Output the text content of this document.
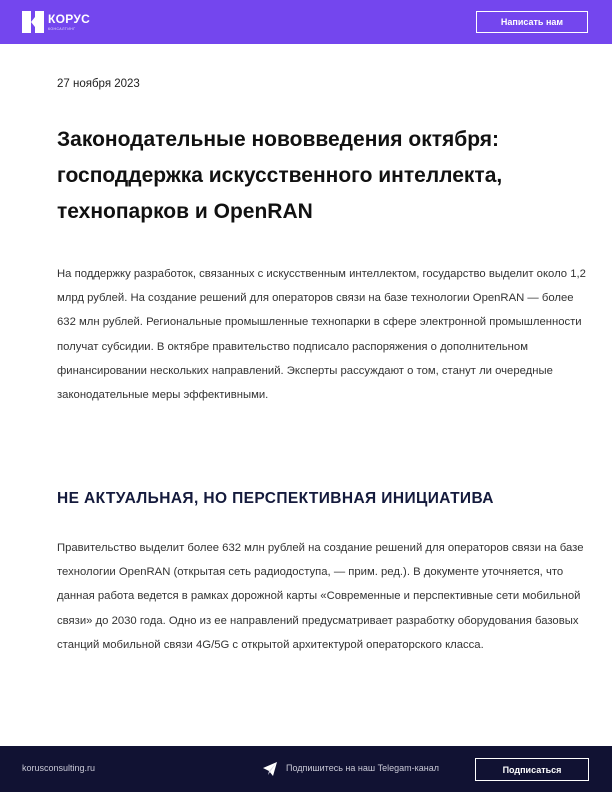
КОРУС
КОНСАЛТИНГ
Написать нам
27 ноября 2023
Законодательные нововведения октября: господдержка искусственного интеллекта, технопарков и OpenRAN

На поддержку разработок, связанных с искусственным интеллектом, государство выделит около 1,2 млрд рублей. На создание решений для операторов связи на базе технологии OpenRAN — более 632 млн рублей. Региональные промышленные технопарки в сфере электронной промышленности получат субсидии. В октябре правительство подписало распоряжения о дополнительном финансировании нескольких направлений. Эксперты рассуждают о том, станут ли очередные законодательные меры эффективными.

НЕ АКТУАЛЬНАЯ, НО ПЕРСПЕКТИВНАЯ ИНИЦИАТИВА

Правительство выделит более 632 млн рублей на создание решений для операторов связи на базе технологии OpenRAN (открытая сеть радиодоступа, — прим. ред.). В документе уточняется, что данная работа ведется в рамках дорожной карты «Современные и перспективные сети мобильной связи» до 2030 года. Одно из ее направлений предусматривает разработку оборудования базовых станций мобильной связи 4G/5G с открытой архитектурой операторского класса.

korusconsulting.ru	Подпишитесь на наш Telegam-канал	Подписаться
